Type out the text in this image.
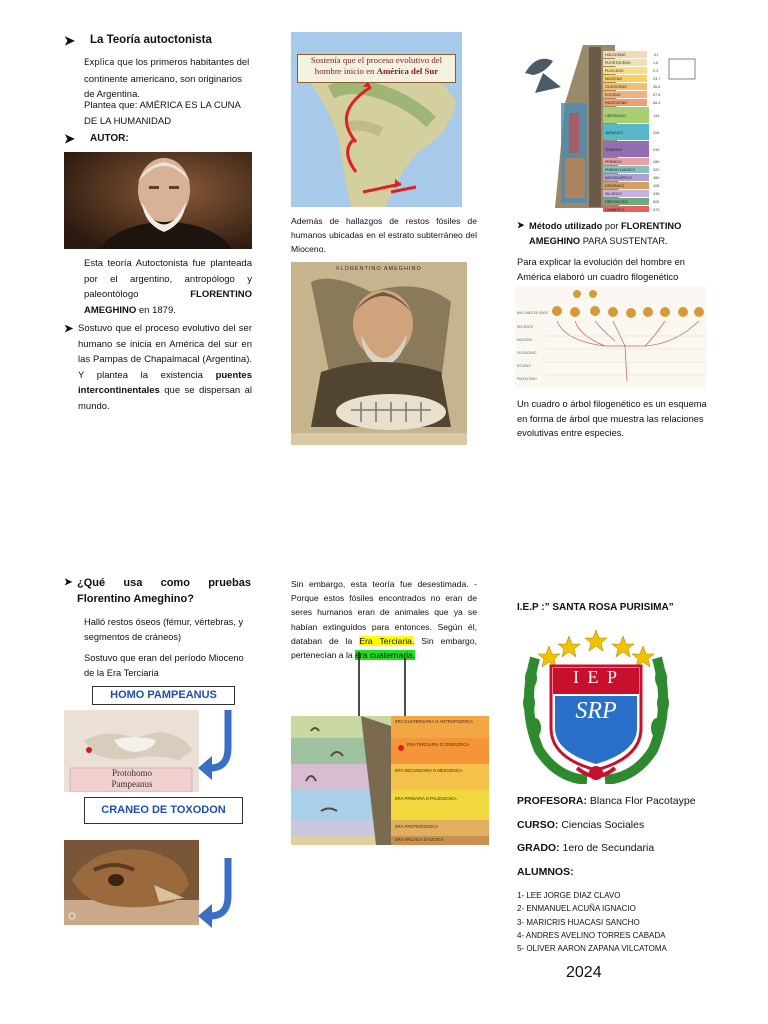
➤ La Teoría autoctonista
Explica que los primeros habitantes del continente americano, son originarios de Argentina.
Plantea que: AMÉRICA ES LA CUNA DE LA HUMANIDAD
➤ AUTOR:
Esta teoría Autoctonista fue planteada por el argentino, antropólogo y paleontólogo FLORENTINO AMEGHINO en 1879.
➤ Sostuvo que el proceso evolutivo del ser humano se inicia en América del sur en las Pampas de Chapalmacal (Argentina). Y plantea la existencia puentes intercontinentales que se dispersan al mundo.
Sostenía que el proceso evolutivo del hombre inicio en América del Sur
Además de hallazgos de restos fósiles de humanos ubicadas en el estrato subterráneo del Mioceno.
FLORENTINO AMEGHINO
HOLOCENO
PLEISTOCENO
PLIOCENO
MIOCENO
OLIGOCENO
EOCENO
PALEOCENO
CRETACICO
JURASICO
TRIASICO
PERMICO
PENNSYLVANICO
MISSISSIPPICO
DEVONICO
SILURICO
ORDOVICICO
CAMBRICO
.01
1.6
5.3
23.7
36.6
57.8
66.4
144
208
245
286
320
360
408
438
505
570
➤ Método utilizado por FLORENTINO AMEGHINO PARA SUSTENTAR.
Para explicar la evolución del hombre en América elaboró un cuadro filogenético
MILLONES DE AÑOS
RECIENTE
MIOCENO
OLIGOCENO
EOCENO
PALEOCENO
Un cuadro o árbol filogenético es un esquema en forma de árbol que muestra las relaciones evolutivas entre especies.
➤ ¿Qué usa como pruebas Florentino Ameghino?
Halló restos óseos (fémur, vértebras, y segmentos de cráneos)
Sostuvo que eran del período Mioceno de la Era Terciaria
HOMO PAMPEANUS
Protohomo
Pampeanus
CRANEO DE TOXODON
Sin embargo, esta teoría fue desestimada. - Porque estos fósiles encontrados no eran de seres humanos eran de animales que ya se habían extinguidos para entonces. Según él, databan de la Era Terciaria. Sin embargo, pertenecían a la era cuaternaria.
ERA CUATERNARIA O ANTROPOZOICA
ERA TERCIARIA O CENOZOICA
ERA SECUNDARIA O MESOZOICA
ERA PRIMARIA O PALEOZOICA
ERA PROTEROZOICA
ERA ARCAICA O AZOICA
I.E.P :” SANTA ROSA PURISIMA”
I E P
SRP
PROFESORA: Blanca Flor Pacotaype
CURSO: Ciencias Sociales
GRADO: 1ero de Secundaria
ALUMNOS:
1- LEE JORGE DIAZ CLAVO
2- ENMANUEL ACUÑA IGNACIO
3- MARICRIS HUACASI SANCHO
4- ANDRES AVELINO TORRES CABADA
5- OLIVER AARON ZAPANA VILCATOMA
2024
